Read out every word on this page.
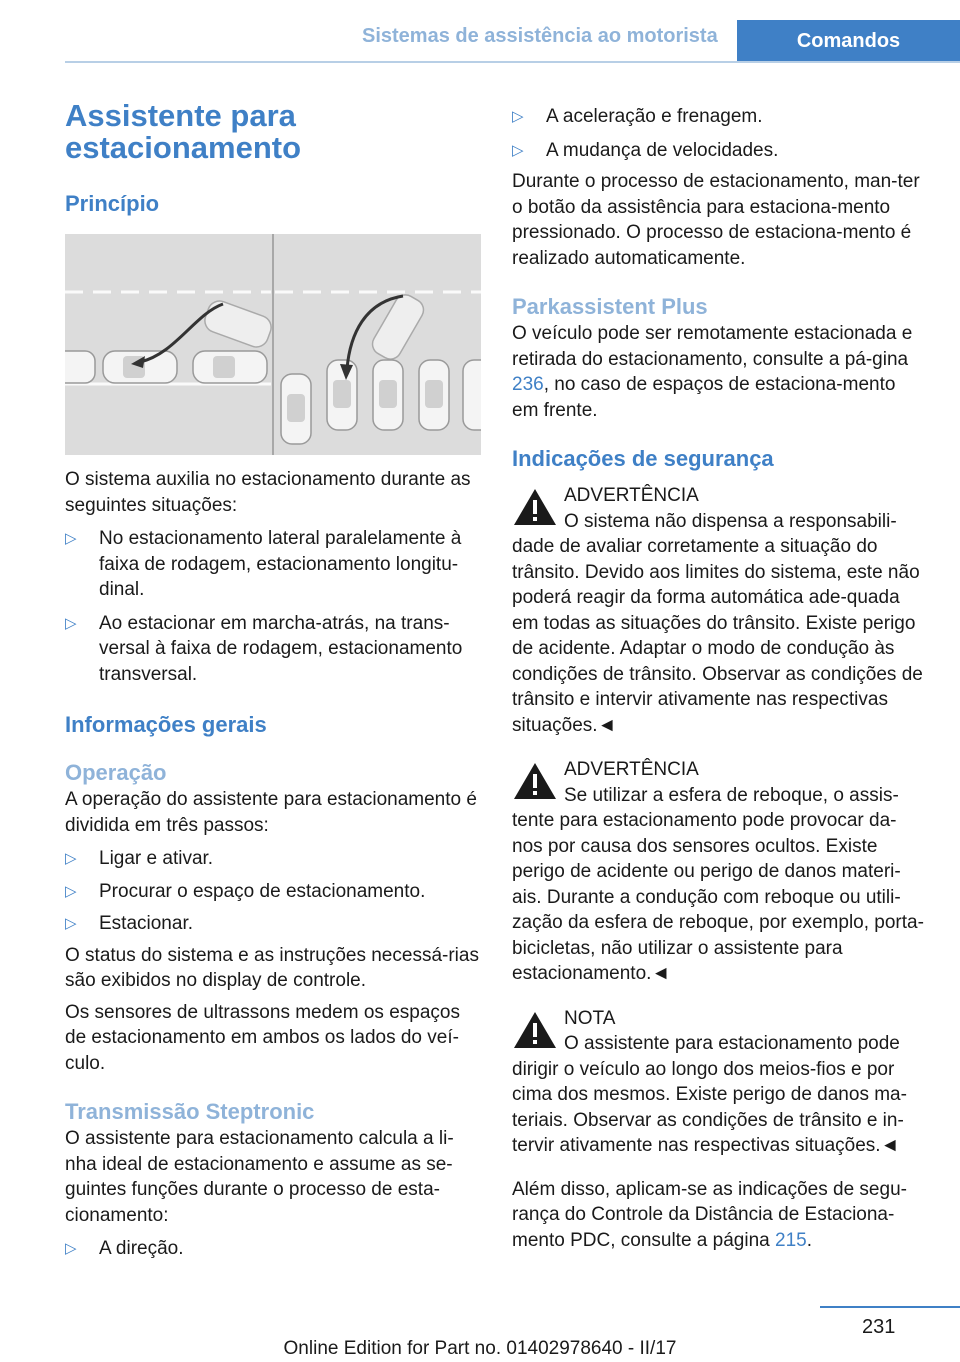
Sistemas de assistência ao motorista	Comandos
Assistente para estacionamento
Princípio

O sistema auxilia no estacionamento durante as seguintes situações:

▷ No estacionamento lateral paralelamente à faixa de rodagem, estacionamento longitu-dinal.
▷ Ao estacionar em marcha-atrás, na trans-versal à faixa de rodagem, estacionamento transversal.
Informações gerais
Operação

A operação do assistente para estacionamento é dividida em três passos:

▷ Ligar e ativar.
▷ Procurar o espaço de estacionamento.
▷ Estacionar.

O status do sistema e as instruções necessá-rias são exibidos no display de controle.

Os sensores de ultrassons medem os espaços de estacionamento em ambos os lados do veí-culo.

Transmissão Steptronic

O assistente para estacionamento calcula a li-nha ideal de estacionamento e assume as se-guintes funções durante o processo de esta-cionamento:

▷ A direção.
▷ A aceleração e frenagem.
▷ A mudança de velocidades.

Durante o processo de estacionamento, man-ter o botão da assistência para estaciona-mento pressionado. O processo de estaciona-mento é realizado automaticamente.

Parkassistent Plus

O veículo pode ser remotamente estacionada e retirada do estacionamento, consulte a pá-gina 236, no caso de espaços de estaciona-mento em frente.

Indicações de segurança
ADVERTÊNCIA

O sistema não dispensa a responsabili-

dade de avaliar corretamente a situação do trânsito. Devido aos limites do sistema, este não poderá reagir da forma automática ade-quada em todas as situações do trânsito. Existe perigo de acidente. Adaptar o modo de condução às condições de trânsito. Observar as condições de trânsito e intervir ativamente nas respectivas situações.◄

ADVERTÊNCIA

Se utilizar a esfera de reboque, o assis-

tente para estacionamento pode provocar da-nos por causa dos sensores ocultos. Existe perigo de acidente ou perigo de danos materi-ais. Durante a condução com reboque ou utili-zação da esfera de reboque, por exemplo, porta-bicicletas, não utilizar o assistente para estacionamento.◄

NOTA

O assistente para estacionamento pode

dirigir o veículo ao longo dos meios-fios e por cima dos mesmos. Existe perigo de danos ma-teriais. Observar as condições de trânsito e in-tervir ativamente nas respectivas situações.◄

Além disso, aplicam-se as indicações de segu-rança do Controle da Distância de Estaciona-mento PDC, consulte a página 215.

231
Online Edition for Part no. 01402978640 - II/17
